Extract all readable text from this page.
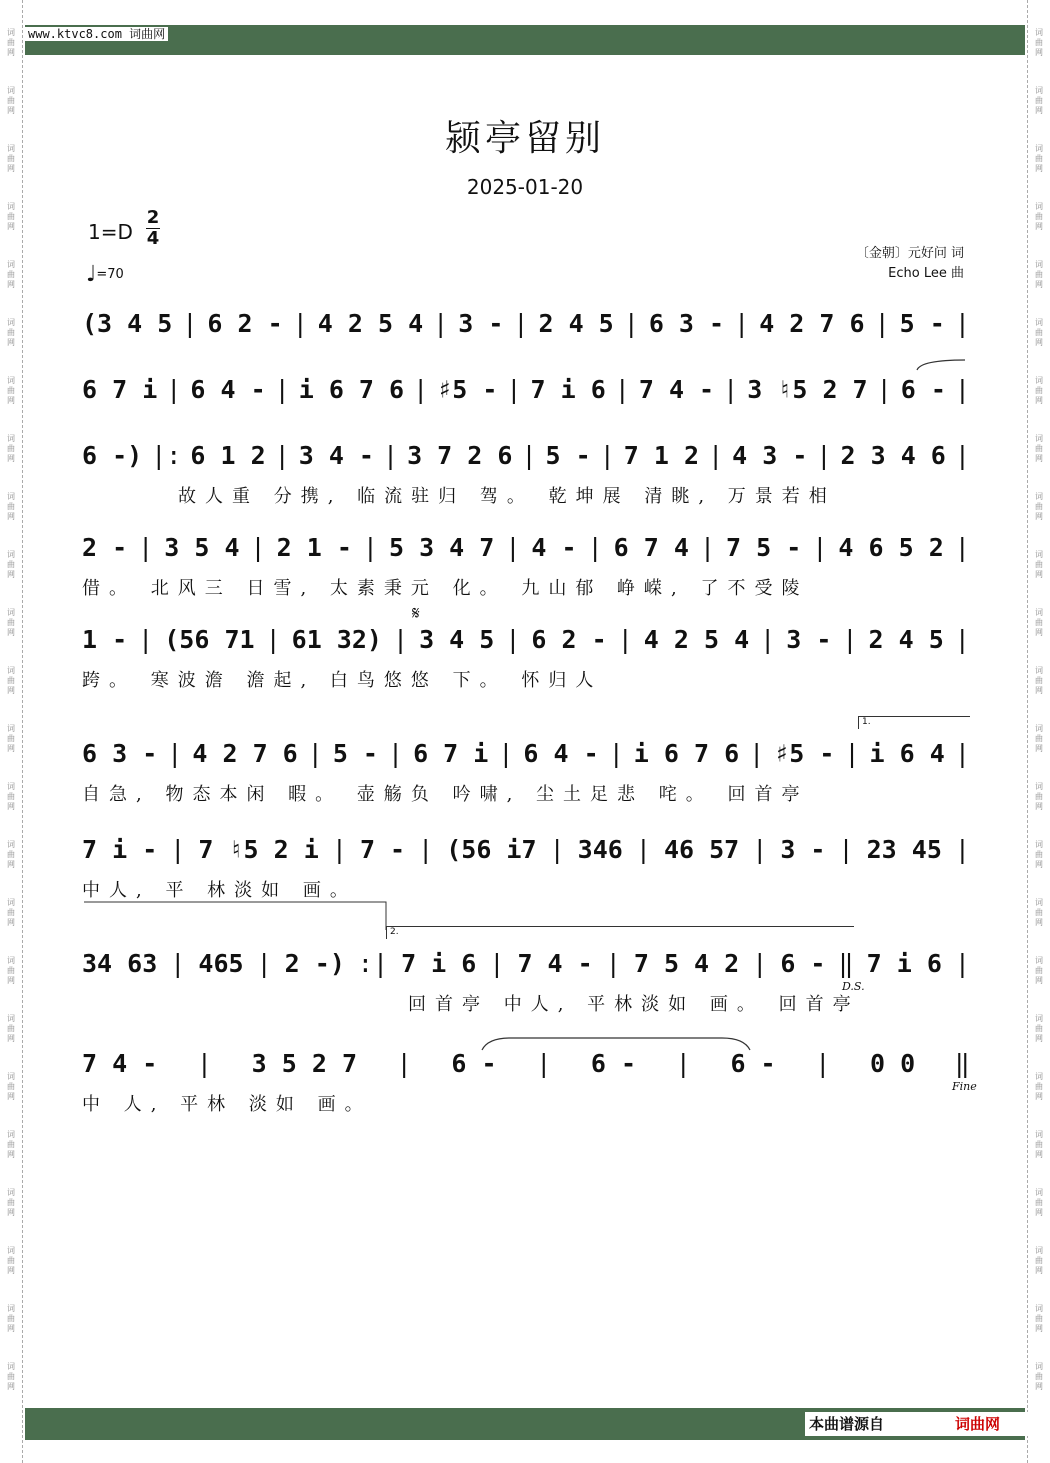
词
曲
网
词
曲
网
词
曲
网
词
曲
网
词
曲
网
词
曲
网
词
曲
网
词
曲
网
词
曲
网
词
曲
网
词
曲
网
词
曲
网
词
曲
网
词
曲
网
词
曲
网
词
曲
网
词
曲
网
词
曲
网
词
曲
网
词
曲
网
词
曲
网
词
曲
网
词
曲
网
词
曲
网
词
曲
网
词
曲
网
词
曲
网
词
曲
网
词
曲
网
词
曲
网
词
曲
网
词
曲
网
词
曲
网
词
曲
网
词
曲
网
词
曲
网
词
曲
网
词
曲
网
词
曲
网
词
曲
网
词
曲
网
词
曲
网
词
曲
网
词
曲
网
词
曲
网
词
曲
网
词
曲
网
词
曲
网
www.ktvc8.com 词曲网
颍亭留别
2025-01-20
1=D
2
4
♩=70
〔金朝〕元好问 词
Echo Lee 曲
(3 4 5 | 6 2 - | 4 2 5 4 | 3 - | 2 4 5 | 6 3 - | 4 2 7 6 | 5 - |
6 7 i | 6 4 - | i 6 7 6 | ♯5 - | 7 i 6 | 7 4 - | 3 ♮5 2 7 | 6 - |
6 -) |: 6 1 2 | 3 4 - | 3 7 2 6 | 5 - | 7 1 2 | 4 3 - | 2 3 4 6 |
故人重 分携, 临流驻归 驾。 乾坤展 清眺, 万景若相
2 - | 3 5 4 | 2 1 - | 5 3 4 7 | 4 - | 6 7 4 | 7 5 - | 4 6 5 2 |
借。 北风三 日雪, 太素秉元 化。 九山郁 峥嵘, 了不受陵
1 - | (56 71 | 61 32) | 3 4 5 | 6 2 - | 4 2 5 4 | 3 - | 2 4 5 |
跨。 寒波澹 澹起, 白鸟悠悠 下。 怀归人
6 3 - | 4 2 7 6 | 5 - | 6 7 i | 6 4 - | i 6 7 6 | ♯5 - | i 6 4 |
自急, 物态本闲 暇。 壶觞负 吟啸, 尘土足悲 咤。 回首亭
7 i - | 7 ♮5 2 i | 7 - | (56 i7 | 346 | 46 57 | 3 - | 23 45 |
中人, 平 林淡如 画。
34 63 | 465 | 2 -) :| 7 i 6 | 7 4 - | 7 5 4 2 | 6 - ‖ 7 i 6 |
回首亭 中人, 平林淡如 画。 回首亭
7 4 - | 3 5 2 7 | 6 - | 6 - | 6 - | 0 0 ‖
中 人, 平林 淡如 画。
𝄋
1.
2.
D.S.
Fine
本曲谱源自	词曲网
